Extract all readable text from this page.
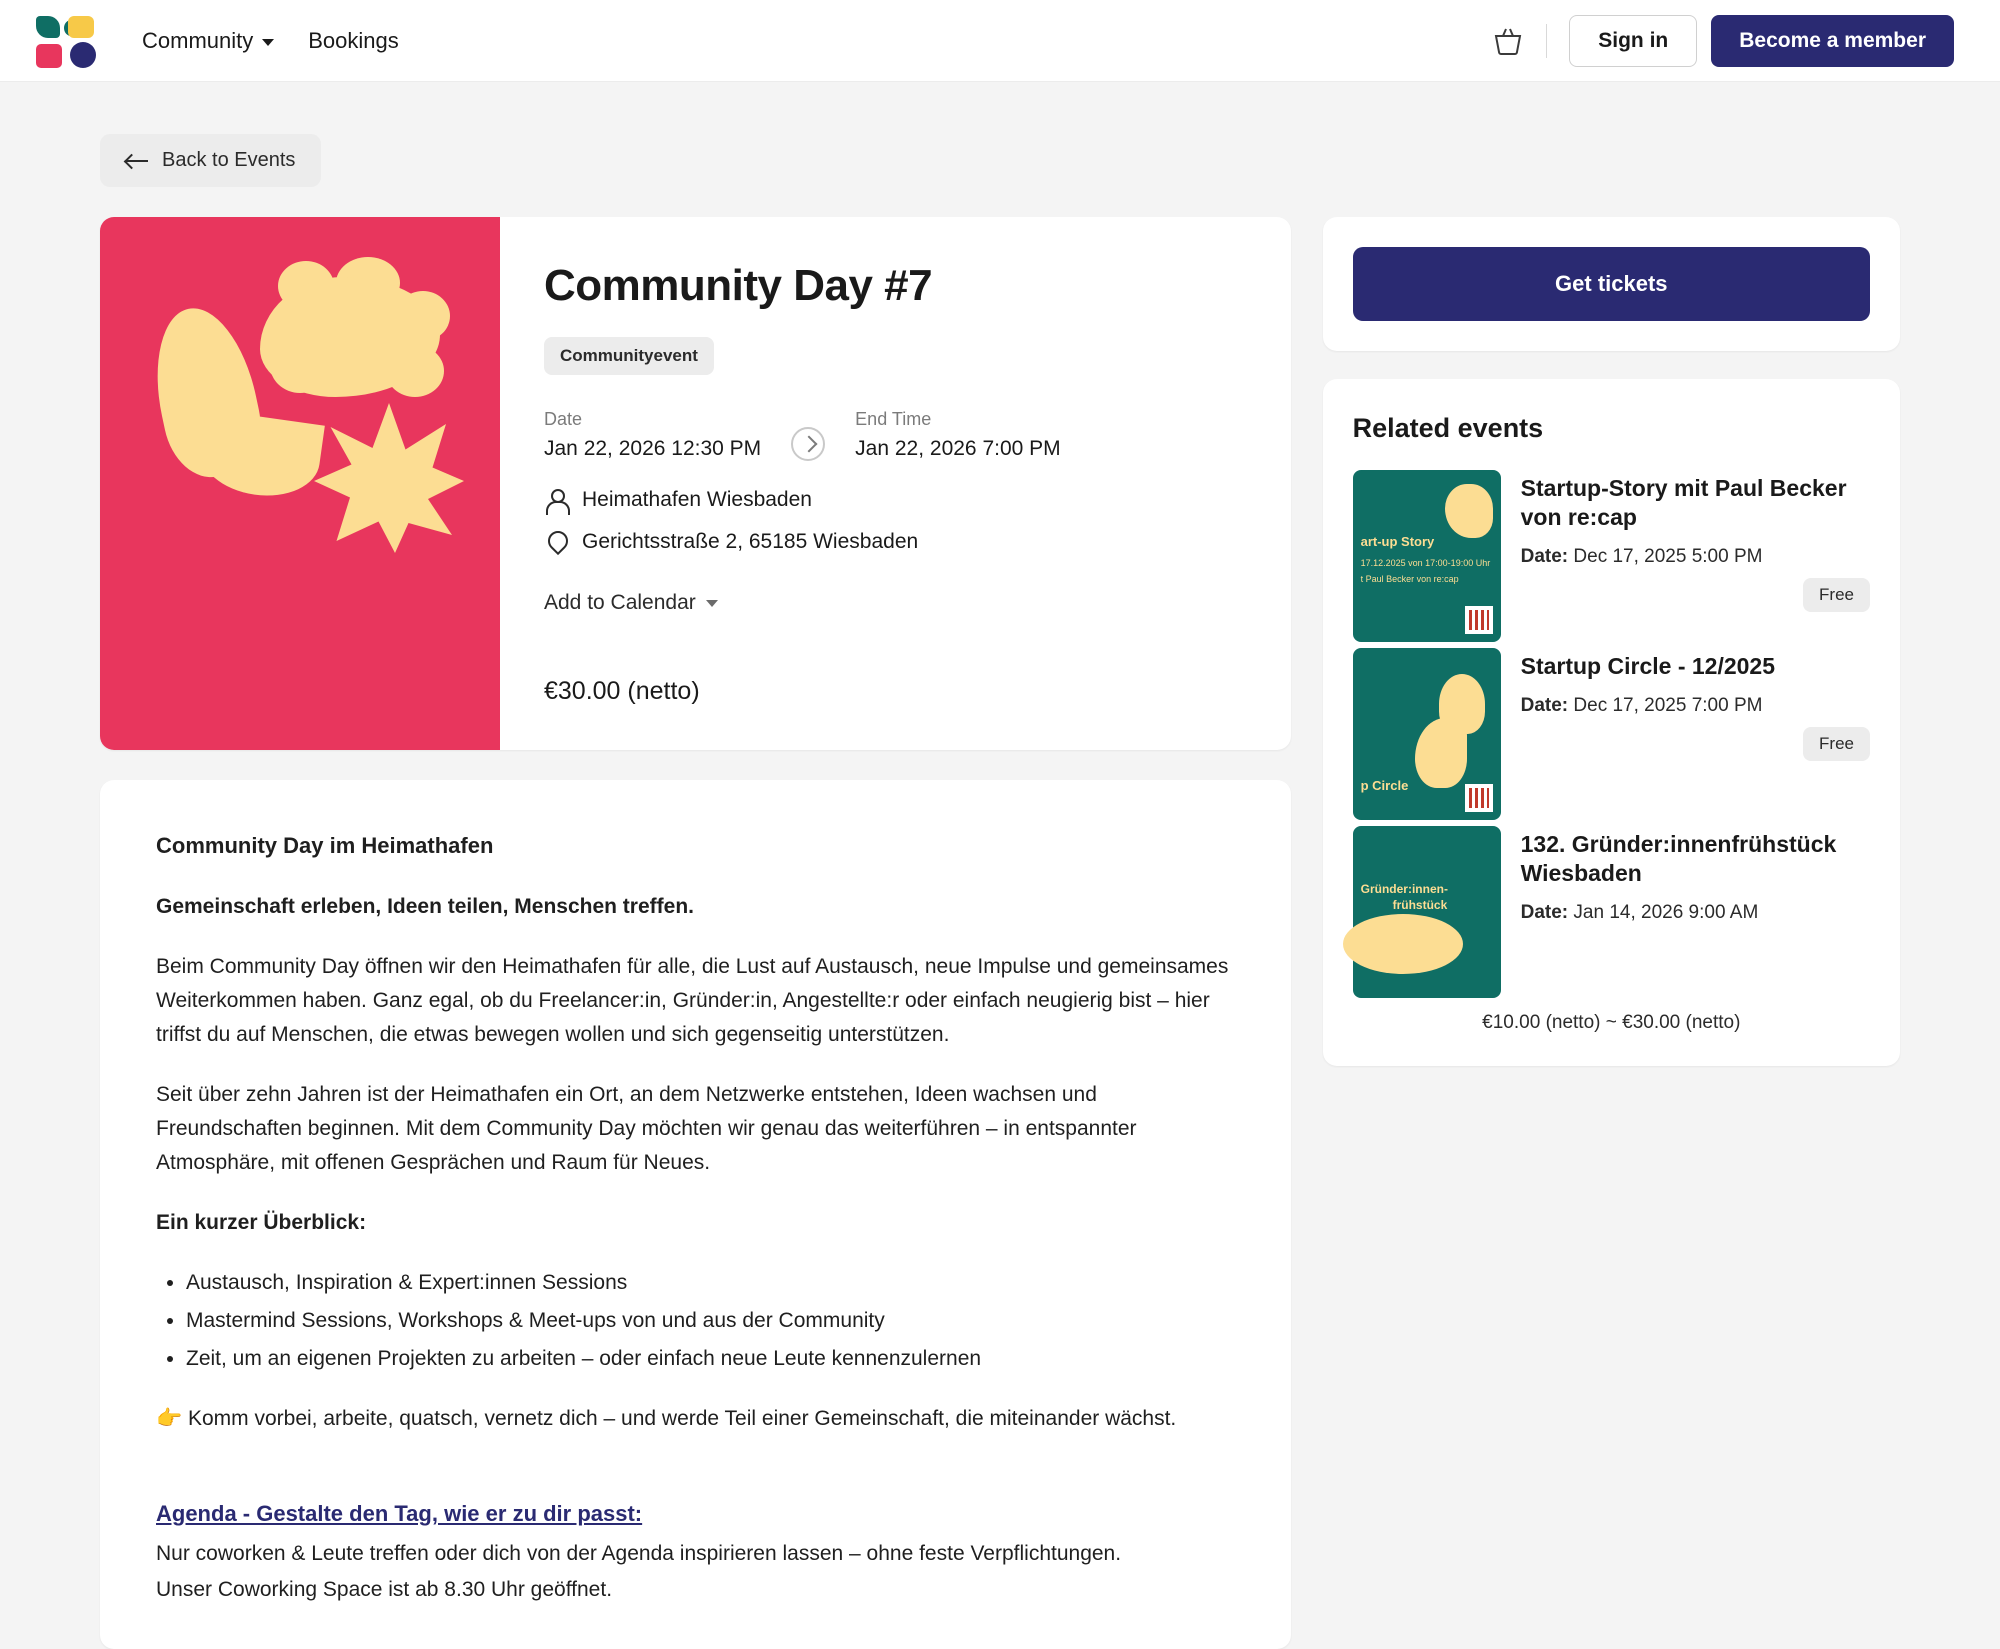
Community	Bookings	Sign in	Become a member
Back to Events
Community Day #7
Communityevent
Date
Jan 22, 2026 12:30 PM
End Time
Jan 22, 2026 7:00 PM
Heimathafen Wiesbaden
Gerichtsstraße 2, 65185 Wiesbaden
Add to Calendar
€30.00 (netto)
Community Day im Heimathafen

Gemeinschaft erleben, Ideen teilen, Menschen treffen.

Beim Community Day öffnen wir den Heimathafen für alle, die Lust auf Austausch, neue Impulse und gemeinsames Weiterkommen haben. Ganz egal, ob du Freelancer:in, Gründer:in, Angestellte:r oder einfach neugierig bist – hier triffst du auf Menschen, die etwas bewegen wollen und sich gegenseitig unterstützen.

Seit über zehn Jahren ist der Heimathafen ein Ort, an dem Netzwerke entstehen, Ideen wachsen und Freundschaften beginnen. Mit dem Community Day möchten wir genau das weiterführen – in entspannter Atmosphäre, mit offenen Gesprächen und Raum für Neues.

Ein kurzer Überblick:

• Austausch, Inspiration & Expert:innen Sessions
• Mastermind Sessions, Workshops & Meet-ups von und aus der Community
• Zeit, um an eigenen Projekten zu arbeiten – oder einfach neue Leute kennenzulernen

👉 Komm vorbei, arbeite, quatsch, vernetz dich – und werde Teil einer Gemeinschaft, die miteinander wächst.

Agenda - Gestalte den Tag, wie er zu dir passt:
Nur coworken & Leute treffen oder dich von der Agenda inspirieren lassen – ohne feste Verpflichtungen.
Unser Coworking Space ist ab 8.30 Uhr geöffnet.
Get tickets
Related events
art-up Story
17.12.2025 von 17:00-19:00 Uhr
t Paul Becker von re:cap
Startup-Story mit Paul Becker von re:cap
Date: Dec 17, 2025 5:00 PM
Free
p Circle
Startup Circle - 12/2025
Date: Dec 17, 2025 7:00 PM
Free
Gründer:innen-
frühstück
132. Gründer:innenfrühstück Wiesbaden
Date: Jan 14, 2026 9:00 AM
€10.00 (netto) ~ €30.00 (netto)
